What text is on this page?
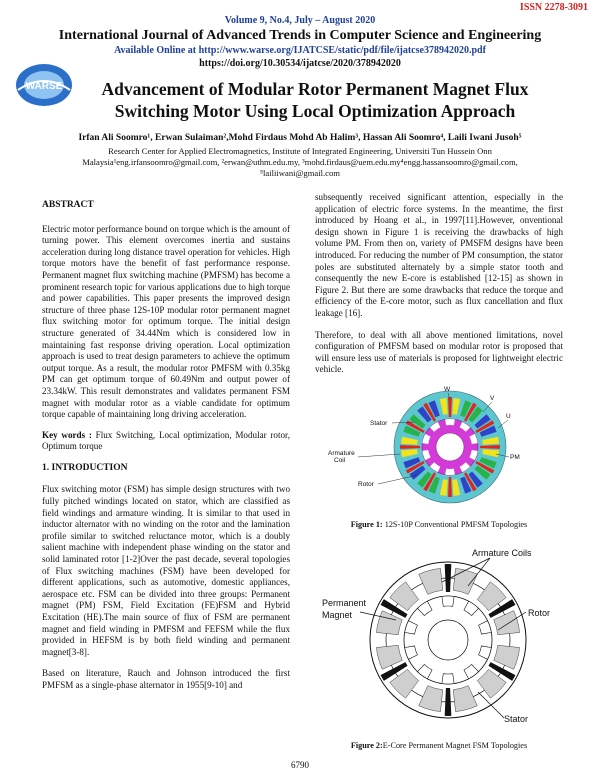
ISSN 2278-3091
Volume 9, No.4, July – August 2020
International Journal of Advanced Trends in Computer Science and Engineering
Available Online at http://www.warse.org/IJATCSE/static/pdf/file/ijatcse378942020.pdf
https://doi.org/10.30534/ijatcse/2020/378942020
WARSE	Advancement of Modular Rotor Permanent Magnet Flux
Switching Motor Using Local Optimization Approach
Irfan Ali Soomro¹, Erwan Sulaiman²,Mohd Firdaus Mohd Ab Halim³, Hassan Ali Soomro⁴, Laili Iwani Jusoh⁵
Research Center for Applied Electromagnetics, Institute of Integrated Engineering, Universiti Tun Hussein Onn
Malaysia¹eng.irfansoomro@gmail.com, ²erwan@uthm.edu.my, ³mohd.firdaus@uem.edu.my⁴engg.hassansoomro@gmail.com,
⁵lailiiwani@gmail.com
ABSTRACT

Electric motor performance bound on torque which is the amount of turning power. This element overcomes inertia and sustains acceleration during long distance travel operation for vehicles. High torque motors have the benefit of fast performance response. Permanent magnet flux switching machine (PMFSM) has become a prominent research topic for various applications due to high torque and power capabilities. This paper presents the improved design structure of three phase 12S-10P modular rotor permanent magnet flux switching motor for optimum torque. The initial design structure generated of 34.44Nm which is considered low in maintaining fast response driving operation. Local optimization approach is used to treat design parameters to achieve the optimum output torque. As a result, the modular rotor PMFSM with 0.35kg PM can get optimum torque of 60.49Nm and output power of 23.34kW. This result demonstrates and validates permanent FSM magnet with modular rotor as a viable candidate for optimum torque capable of maintaining long driving acceleration.

Key words : Flux Switching, Local optimization, Modular rotor, Optimum torque

1. INTRODUCTION

Flux switching motor (FSM) has simple design structures with two fully pitched windings located on stator, which are classified as field windings and armature winding. It is similar to that used in inductor alternator with no winding on the rotor and the lamination profile similar to switched reluctance motor, which is a doubly salient machine with independent phase winding on the stator and solid laminated rotor [1-2]Over the past decade, several topologies of Flux switching machines (FSM) have been developed for different applications, such as automotive, domestic appliances, aerospace etc. FSM can be divided into three groups: Permanent magnet (PM) FSM, Field Excitation (FE)FSM and Hybrid Excitation (HE).The main source of flux of FSM are permanent magnet and field winding in PMFSM and FEFSM while the flux provided in HEFSM is by both field winding and permanent magnet[3-8].

Based on literature, Rauch and Johnson introduced the first PMFSM as a single-phase alternator in 1955[9-10] and

subsequently received significant attention, especially in the application of electric force systems. In the meantime, the first introduced by Hoang et al., in 1997[11].However, onventional design shown in Figure 1 is receiving the drawbacks of high volume PM. From then on, variety of PMSFM designs have been introduced. For reducing the number of PM consumption, the stator poles are substituted alternately by a simple stator tooth and consequently the new E-core is established [12-15] as shown in Figure 2. But there are some drawbacks that reduce the torque and efficiency of the E-core motor, such as flux cancellation and flux leakage [16].

Therefore, to deal with all above mentioned limitations, novel configuration of PMFSM based on modular rotor is proposed that will ensure less use of materials is proposed for lightweight electric vehicle.

W
V
U
Stator
Armature
Coil	PM
Rotor
Figure 1: 12S-10P Conventional PMFSM Topologies
Armature Coils
Permanent
Magnet	Rotor
Stator
Figure 2:E-Core Permanent Magnet FSM Topologies
6790
